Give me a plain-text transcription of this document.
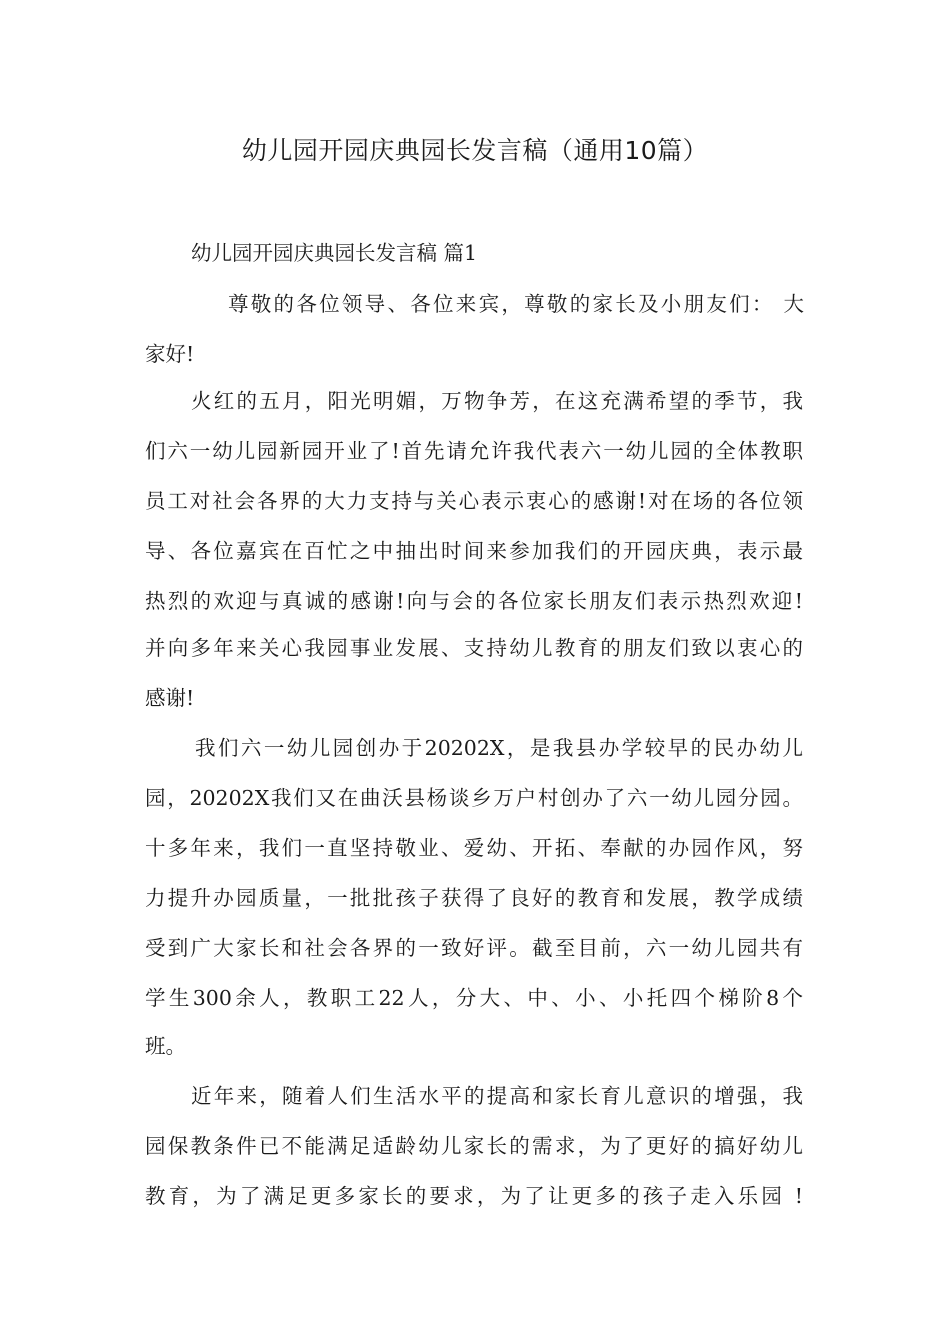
幼儿园开园庆典园长发言稿（通用10篇）
幼儿园开园庆典园长发言稿 篇1
尊敬的各位领导、各位来宾，尊敬的家长及小朋友们： 大
家好!
火红的五月，阳光明媚，万物争芳，在这充满希望的季节，我
们六一幼儿园新园开业了!首先请允许我代表六一幼儿园的全体教职
员工对社会各界的大力支持与关心表示衷心的感谢!对在场的各位领
导、各位嘉宾在百忙之中抽出时间来参加我们的开园庆典，表示最
热烈的欢迎与真诚的感谢!向与会的各位家长朋友们表示热烈欢迎!
并向多年来关心我园事业发展、支持幼儿教育的朋友们致以衷心的
感谢!
我们六一幼儿园创办于20202X，是我县办学较早的民办幼儿
园，20202X我们又在曲沃县杨谈乡万户村创办了六一幼儿园分园。
十多年来，我们一直坚持敬业、爱幼、开拓、奉献的办园作风，努
力提升办园质量，一批批孩子获得了良好的教育和发展，教学成绩
受到广大家长和社会各界的一致好评。截至目前，六一幼儿园共有
学生300余人，教职工22人，分大、中、小、小托四个梯阶8个
班。
近年来，随着人们生活水平的提高和家长育儿意识的增强，我
园保教条件已不能满足适龄幼儿家长的需求，为了更好的搞好幼儿
教育，为了满足更多家长的要求，为了让更多的孩子走入乐园 !
